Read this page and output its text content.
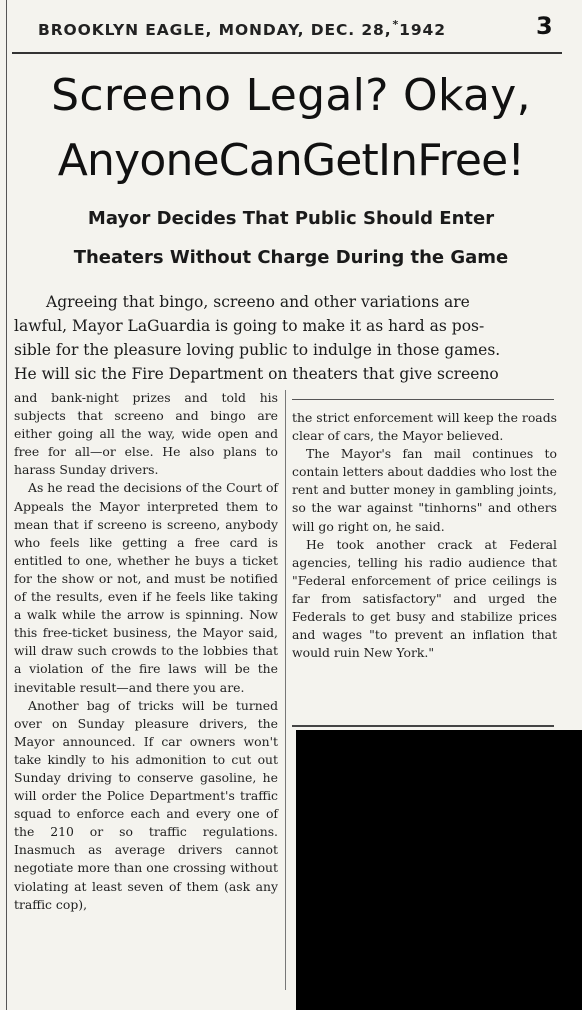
BROOKLYN EAGLE, MONDAY, DEC. 28,*1942	3
Screeno Legal? Okay,
AnyoneCanGetInFree!
Mayor Decides That Public Should Enter
Theaters Without Charge During the Game
Agreeing that bingo, screeno and other variations are
lawful, Mayor LaGuardia is going to make it as hard as pos-
sible for the pleasure loving public to indulge in those games.
He will sic the Fire Department on theaters that give screeno

and bank-night prizes and told his subjects that screeno and bingo are either going all the way, wide open and free for all—or else. He also plans to harass Sunday drivers.

As he read the decisions of the Court of Appeals the Mayor interpreted them to mean that if screeno is screeno, anybody who feels like getting a free card is entitled to one, whether he buys a ticket for the show or not, and must be notified of the results, even if he feels like taking a walk while the arrow is spinning. Now this free-ticket business, the Mayor said, will draw such crowds to the lobbies that a violation of the fire laws will be the inevitable result—and there you are.

Another bag of tricks will be turned over on Sunday pleasure drivers, the Mayor announced. If car owners won't take kindly to his admonition to cut out Sunday driving to conserve gasoline, he will order the Police Department's traffic squad to enforce each and every one of the 210 or so traffic regulations. Inasmuch as average drivers cannot negotiate more than one crossing without violating at least seven of them (ask any traffic cop),

the strict enforcement will keep the roads clear of cars, the Mayor believed.

The Mayor's fan mail continues to contain letters about daddies who lost the rent and butter money in gambling joints, so the war against "tinhorns" and others will go right on, he said.

He took another crack at Federal agencies, telling his radio audience that "Federal enforcement of price ceilings is far from satisfactory" and urged the Federals to get busy and stabilize prices and wages "to prevent an inflation that would ruin New York."
